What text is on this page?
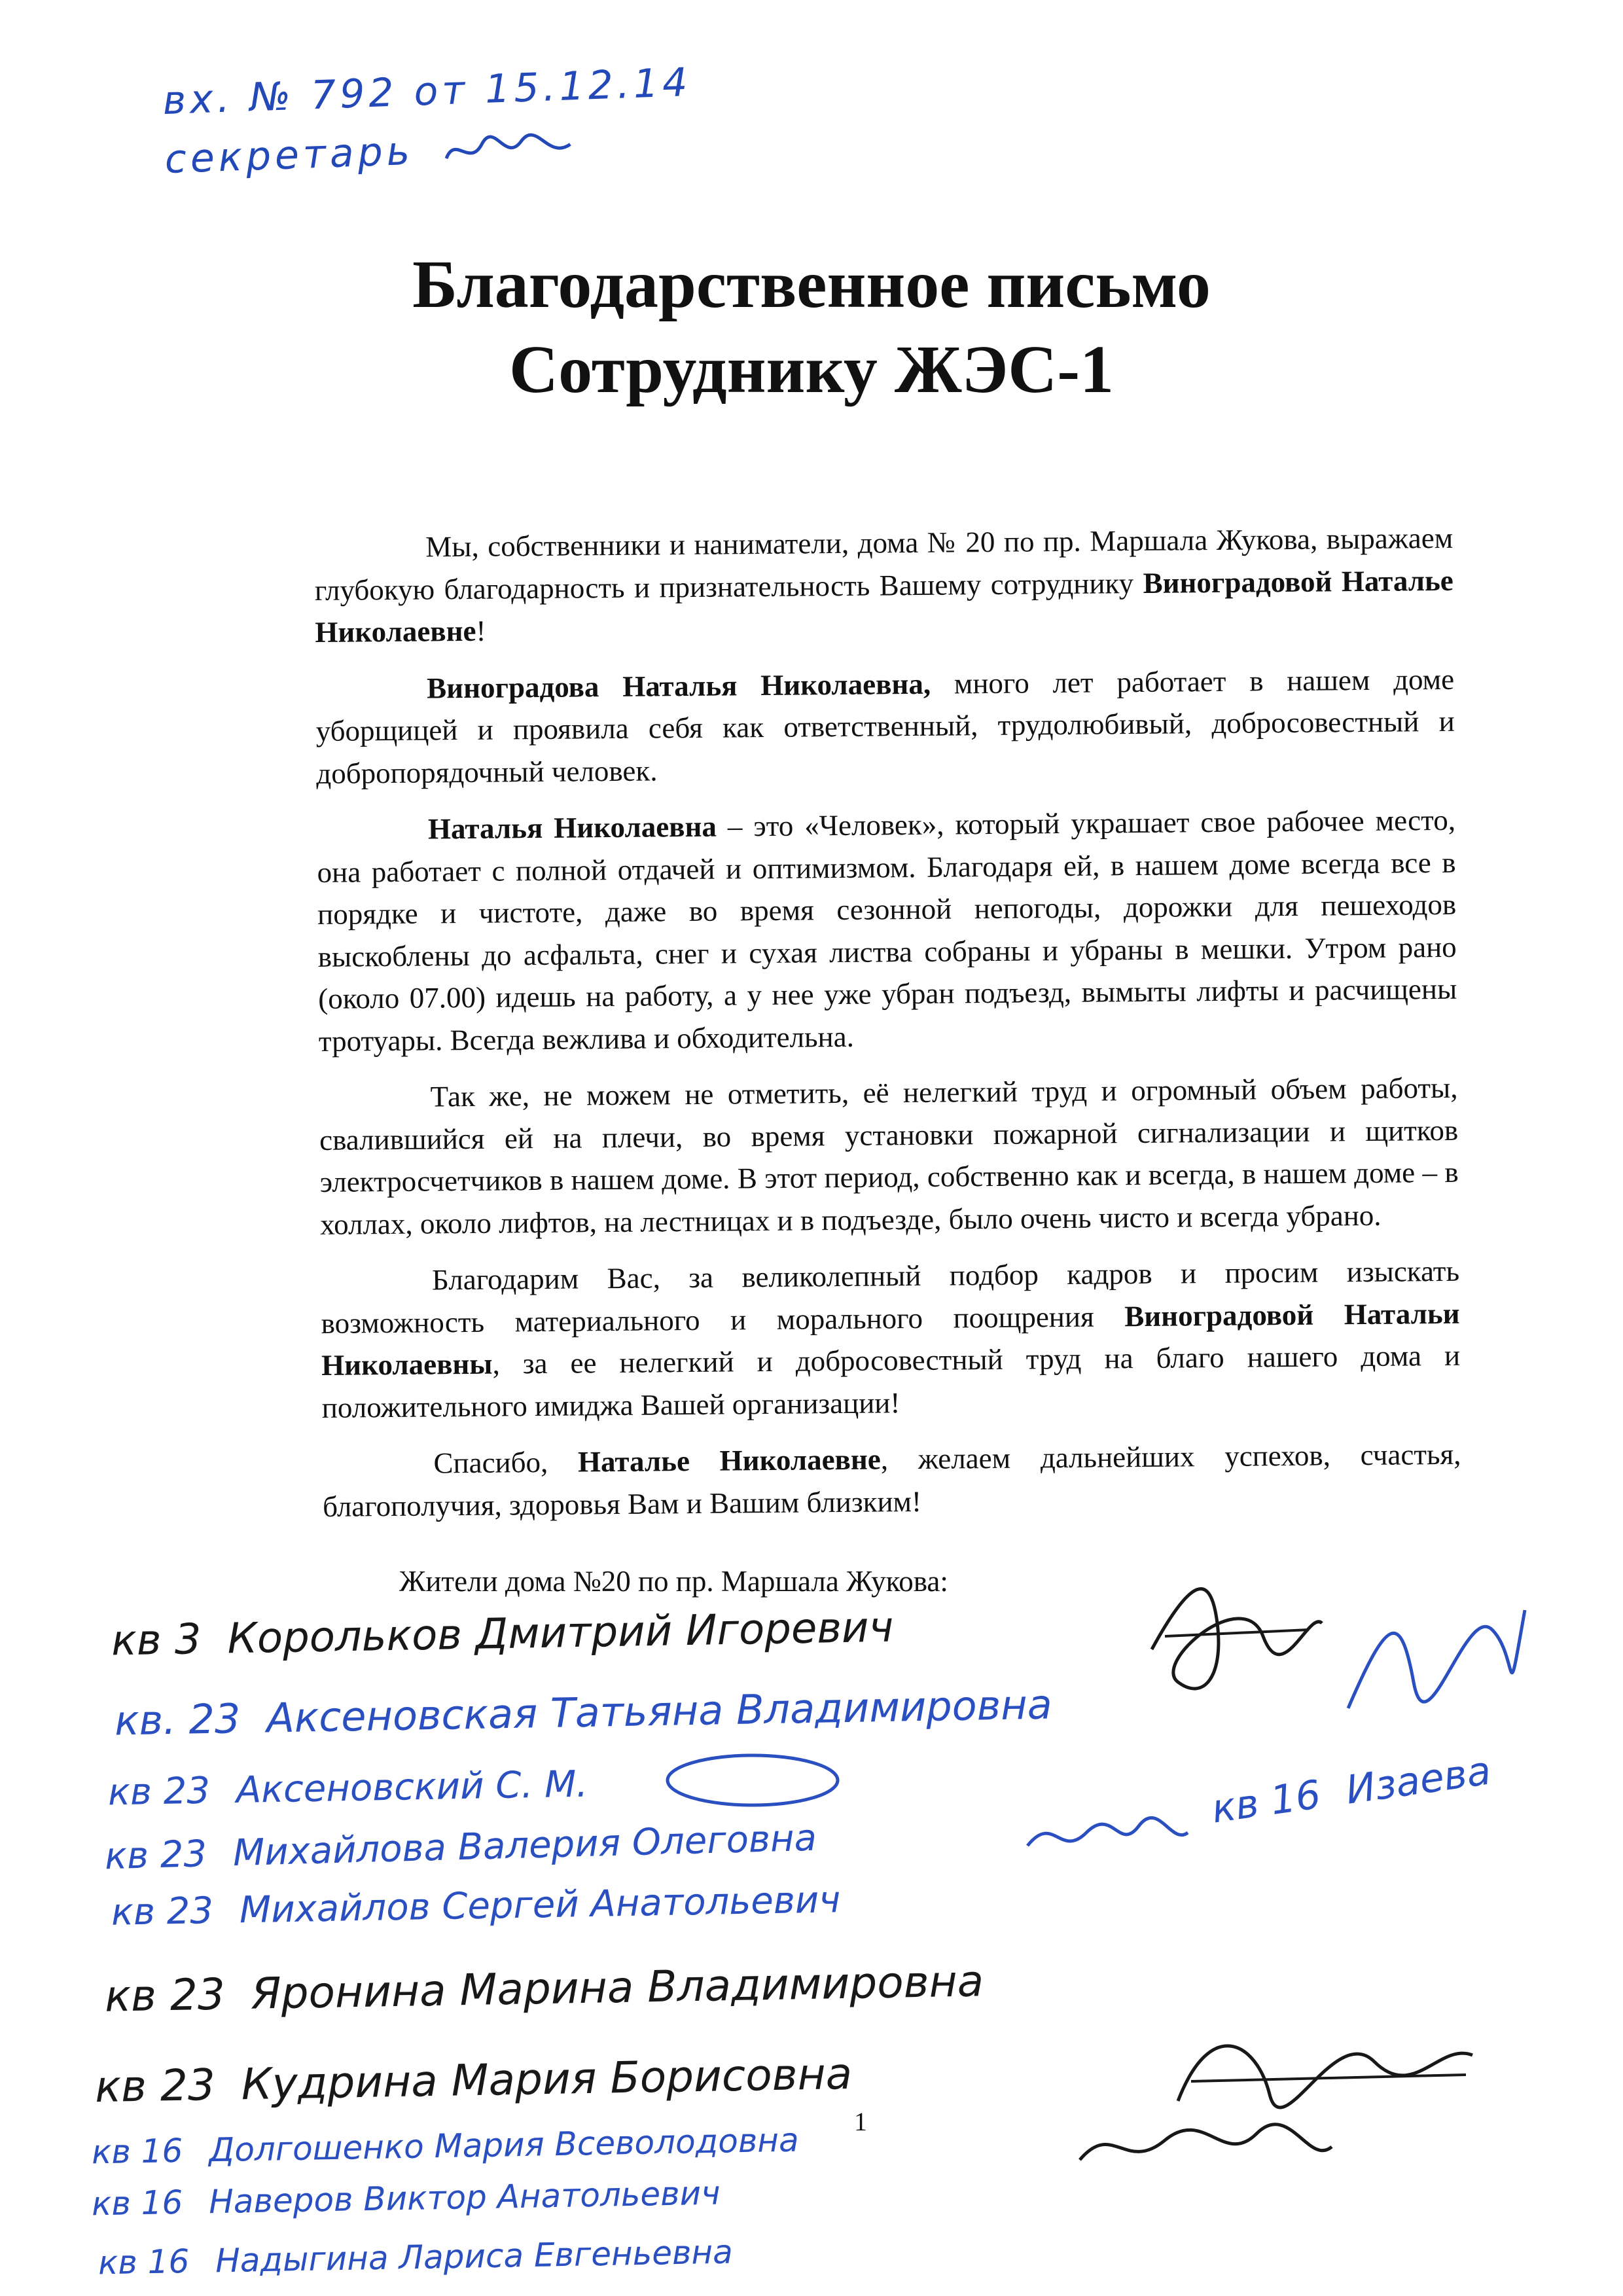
вх. № 792 от 15.12.14
секретарь
Благодарственное письмо
Сотруднику ЖЭС-1

Мы, собственники и наниматели, дома № 20 по пр. Маршала Жукова, выражаем глубокую благодарность и признательность Вашему сотруднику Виноградовой Наталье Николаевне!

Виноградова Наталья Николаевна, много лет работает в нашем доме уборщицей и проявила себя как ответственный, трудолюбивый, добросовестный и добропорядочный человек.

Наталья Николаевна – это «Человек», который украшает свое рабочее место, она работает с полной отдачей и оптимизмом. Благодаря ей, в нашем доме всегда все в порядке и чистоте, даже во время сезонной непогоды, дорожки для пешеходов выскоблены до асфальта, снег и сухая листва собраны и убраны в мешки. Утром рано (около 07.00) идешь на работу, а у нее уже убран подъезд, вымыты лифты и расчищены тротуары. Всегда вежлива и обходительна.

Так же, не можем не отметить, её нелегкий труд и огромный объем работы, свалившийся ей на плечи, во время установки пожарной сигнализации и щитков электросчетчиков в нашем доме. В этот период, собственно как и всегда, в нашем доме – в холлах, около лифтов, на лестницах и в подъезде, было очень чисто и всегда убрано.

Благодарим Вас, за великолепный подбор кадров и просим изыскать возможность материального и морального поощрения Виноградовой Натальи Николаевны, за ее нелегкий и добросовестный труд на благо нашего дома и положительного имиджа Вашей организации!

Спасибо, Наталье Николаевне, желаем дальнейших успехов, счастья, благополучия, здоровья Вам и Вашим близким!

Жители дома №20 по пр. Маршала Жукова:
кв 3 Корольков Дмитрий Игоревич
кв. 23 Аксеновская Татьяна Владимировна
кв 23 Аксеновский С. М.
кв 23 Михайлова Валерия Олеговна
кв 23 Михайлов Сергей Анатольевич
кв 16 Изаева
кв 23 Яронина Марина Владимировна
кв 23 Кудрина Мария Борисовна
кв 16 Долгошенко Мария Всеволодовна
кв 16 Наверов Виктор Анатольевич
кв 16 Надыгина Лариса Евгеньевна
1
